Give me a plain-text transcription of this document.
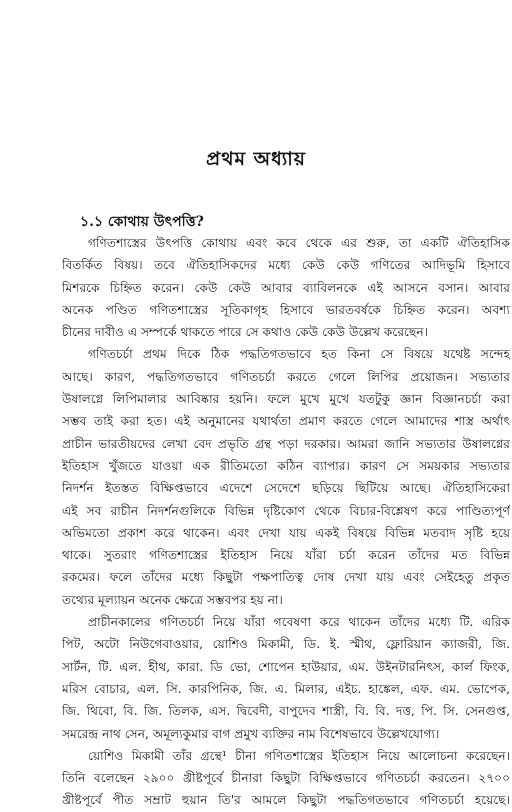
প্রথম অধ্যায়
১.১ কোথায় উৎপত্তি?
গণিতশাস্ত্রের উৎপত্তি কোথায় এবং কবে থেকে এর শুরু, তা একটি ঐতিহাসিক
বিতর্কিত বিষয়। তবে ঐতিহাসিকদের মধ্যে কেউ কেউ গণিতের আদিভূমি হিসাবে
মিশরকে চিহ্নিত করেন। কেউ কেউ আবার ব্যাবিলনকে এই আসনে বসান। আবার
অনেক পণ্ডিত গণিতশাস্ত্রের সূতিকাগৃহ হিসাবে ভারতবর্ষকে চিহ্নিত করেন। অবশ্য
চীনের দাবীও এ সম্পর্কে থাকতে পারে সে কথাও কেউ কেউ উল্লেখ করেছেন।
গণিতচর্চা প্রথম দিকে ঠিক পদ্ধতিগতভাবে হত কিনা সে বিষয়ে যথেষ্ট সন্দেহ
আছে। কারণ, পদ্ধতিগতভাবে গণিতচর্চা করতে গেলে লিপির প্রয়োজন। সভ্যতার
উষালগ্নে লিপিমালার আবিষ্কার হয়নি। ফলে মুখে মুখে যতটুকু জ্ঞান বিজ্ঞানচর্চা করা
সম্ভব তাই করা হত। এই অনুমানের যথার্থতা প্রমাণ করতে গেলে আমাদের শাস্ত্র অর্থাৎ
প্রাচীন ভারতীয়দের লেখা বেদ প্রভৃতি গ্রন্থ পড়া দরকার। আমরা জানি সভ্যতার উষালগ্নের
ইতিহাস খুঁজতে যাওয়া এক রীতিমতো কঠিন ব্যাপার। কারণ সে সময়কার সভ্যতার
নিদর্শন ইতস্তত বিক্ষিপ্তভাবে এদেশে সেদেশে ছড়িয়ে ছিটিয়ে আছে। ঐতিহাসিকেরা
এই সব রাচীন নিদর্শনগুলিকে বিভিন্ন দৃষ্টিকোণ থেকে বিচার-বিশ্লেষণ করে পাণ্ডিত্যপূর্ণ
অভিমতো প্রকাশ করে থাকেন। এবং দেখা যায় একই বিষয়ে বিভিন্ন মতবাদ সৃষ্টি হয়ে
থাকে। সুতরাং গণিতশাস্ত্রের ইতিহাস নিয়ে যাঁরা চর্চা করেন তাঁদের মত বিভিন্ন
রকমের। ফলে তাঁদের মধ্যে কিছুটা পক্ষপাতিত্ব দোষ দেখা যায় এবং সেইহেতু প্রকৃত
তথ্যের মূল্যায়ন অনেক ক্ষেত্রে সম্ভবপর হয় না।
প্রাচীনকালের গণিতচর্চা নিয়ে যাঁরা গবেষণা করে থাকেন তাঁদের মধ্যে টি. এরিক
পিট, অটো নিউগেবাওয়ার, য়োশিও মিকামী, ডি. ই. স্মীথ, ফ্লোরিয়ান ক্যাজরী, জি.
সার্টন, টি. এল. হীথ, কারা. ডি ভো, শোপেন হাউয়ার, এম. উইনটারনিৎস, কার্ল ফিংক,
মরিস বোচার, এল. সি. কারপিনিক, জি. এ. মিলার, এইচ. হাঙ্কেল, এফ. এম. ভোপেক,
জি. থিবো, বি. জি. তিলক, এস. দ্বিবেদী, বাপুদেব শাস্ত্রী, বি. বি. দত্ত, পি. সি. সেনগুপ্ত,
সমরেন্দ্র নাথ সেন, অমূল্যকুমার বাগ প্রমুখ ব্যক্তির নাম বিশেষভাবে উল্লেখযোগ্য।
য়োশিও মিকামী তাঁর গ্রন্থে¹ চীনা গণিতশাস্ত্রের ইতিহাস নিয়ে আলোচনা করেছেন।
তিনি বলেছেন ২৯০০ খ্রীষ্টপূর্বে চীনারা কিছুটা বিক্ষিপ্তভাবে গণিতচর্চা করতেন। ২৭০০
খ্রীষ্টপূর্বে পীত সম্রাট হুয়ান তি'র আমলে কিছুটা পদ্ধতিগতভাবে গণিতচর্চা হয়েছে।
